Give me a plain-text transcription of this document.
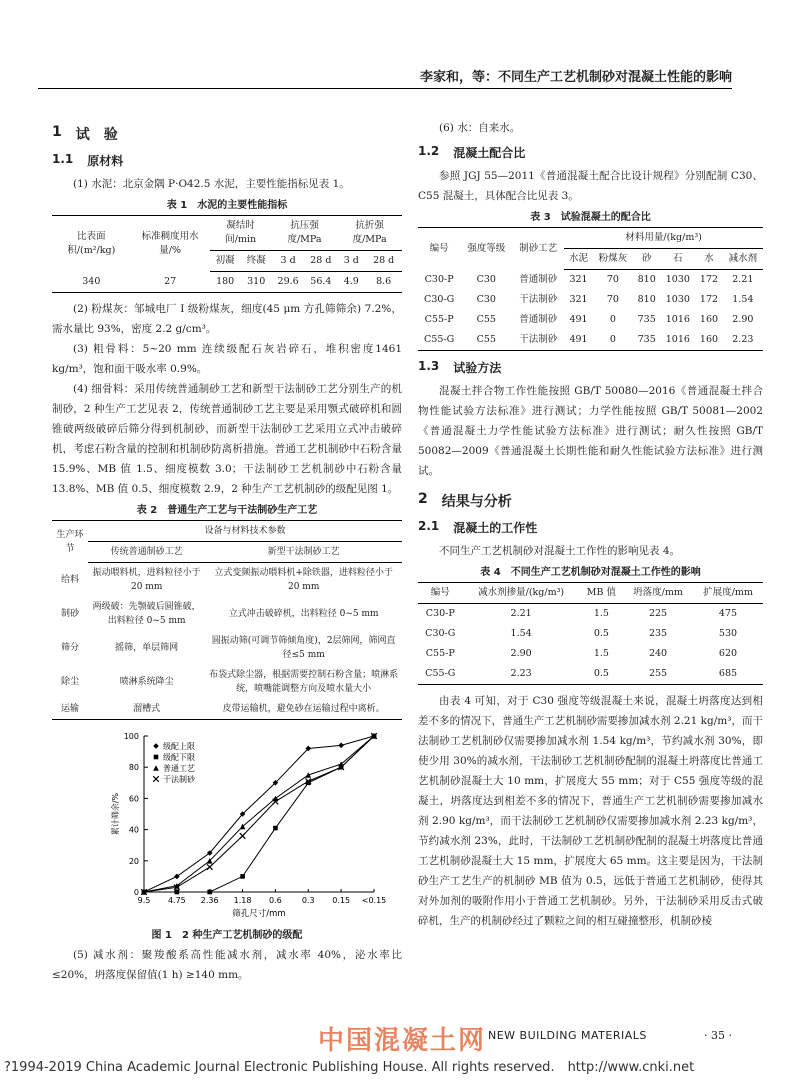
李家和，等：不同生产工艺机制砂对混凝土性能的影响
1 试　验
1.1 原材料

(1) 水泥：北京金隅 P·O42.5 水泥，主要性能指标见表 1。

表 1　水泥的主要性能指标
比表面积/(m²/kg)	标准稠度用水量/%	凝结时间/min		抗压强度/MPa		抗折强度/MPa	
		初凝	终凝	3 d	28 d	3 d	28 d
340	27	180	310	29.6	56.4	4.9	8.6

(2) 粉煤灰：邹城电厂 I 级粉煤灰，细度(45 μm 方孔筛筛余) 7.2%，需水量比 93%，密度 2.2 g/cm³。

(3) 粗骨料：5~20 mm 连续级配石灰岩碎石，堆积密度1461 kg/m³，饱和面干吸水率 0.9%。

(4) 细骨料：采用传统普通制砂工艺和新型干法制砂工艺分别生产的机制砂，2 种生产工艺见表 2，传统普通制砂工艺主要是采用颚式破碎机和圆锥破两级破碎后筛分得到机制砂，而新型干法制砂工艺采用立式冲击破碎机，考虑石粉含量的控制和机制砂防离析措施。普通工艺机制砂中石粉含量 15.9%、MB 值 1.5、细度模数 3.0；干法制砂工艺机制砂中石粉含量 13.8%、MB 值 0.5、细度模数 2.9，2 种生产工艺机制砂的级配见图 1。

表 2　普通生产工艺与干法制砂生产工艺
生产环节	设备与材料技术参数	
	传统普通制砂工艺	新型干法制砂工艺
给料	振动喂料机，进料粒径小于 20 mm	立式变频振动喂料机+除铁器，进料粒径小于 20 mm
制砂	两级破：先颚破后圆锥破，出料粒径 0~5 mm	立式冲击破碎机，出料粒径 0~5 mm
筛分	摇筛，单层筛网	圆振动筛(可调节筛倾角度)，2层筛网，筛网直径≤5 mm
除尘	喷淋系统降尘	布袋式除尘器，根据需要控制石粉含量；喷淋系统，喷嘴能调整方向及喷水量大小
运输	溜槽式	皮带运输机，避免砂在运输过程中离析。
0
20
40
60
80
100
9.5 4.75 2.36 1.18 0.6	0.3 0.15 <0.15
累计筛余/%
筛孔尺寸/mm
级配上限
级配下限
普通工艺
干法制砂
图 1　2 种生产工艺机制砂的级配

(5) 减水剂：聚羧酸系高性能减水剂，减水率 40%，泌水率比≤20%，坍落度保留值(1 h) ≥140 mm。

(6) 水：自来水。

1.2 混凝土配合比

参照 JGJ 55—2011《普通混凝土配合比设计规程》分别配制 C30、C55 混凝土，具体配合比见表 3。

表 3　试验混凝土的配合比
编号	强度等级	制砂工艺	材料用量/(kg/m³)					
			水泥	粉煤灰	砂	石	水	减水剂
C30-P	C30	普通制砂	321	70	810	1030	172	2.21
C30-G	C30	干法制砂	321	70	810	1030	172	1.54
C55-P	C55	普通制砂	491	0	735	1016	160	2.90
C55-G	C55	干法制砂	491	0	735	1016	160	2.23
1.3 试验方法

混凝土拌合物工作性能按照 GB/T 50080—2016《普通混凝土拌合物性能试验方法标准》进行测试；力学性能按照 GB/T 50081—2002《普通混凝土力学性能试验方法标准》进行测试；耐久性按照 GB/T 50082—2009《普通混凝土长期性能和耐久性能试验方法标准》进行测试。

2 结果与分析
2.1 混凝土的工作性

不同生产工艺机制砂对混凝土工作性的影响见表 4。

表 4　不同生产工艺机制砂对混凝土工作性的影响
编号	减水剂掺量/(kg/m³)	MB 值	坍落度/mm	扩展度/mm
C30-P	2.21	1.5	225	475
C30-G	1.54	0.5	235	530
C55-P	2.90	1.5	240	620
C55-G	2.23	0.5	255	685

由表 4 可知，对于 C30 强度等级混凝土来说，混凝土坍落度达到相差不多的情况下，普通生产工艺机制砂需要掺加减水剂 2.21 kg/m³，而干法制砂工艺机制砂仅需要掺加减水剂 1.54 kg/m³，节约减水剂 30%，即使少用 30%的减水剂，干法制砂工艺机制砂配制的混凝土坍落度比普通工艺机制砂混凝土大 10 mm，扩展度大 55 mm；对于 C55 强度等级的混凝土，坍落度达到相差不多的情况下，普通生产工艺机制砂需要掺加减水剂 2.90 kg/m³，而干法制砂工艺机制砂仅需要掺加减水剂 2.23 kg/m³，节约减水剂 23%，此时，干法制砂工艺机制砂配制的混凝土坍落度比普通工艺机制砂混凝土大 15 mm，扩展度大 65 mm。这主要是因为，干法制砂生产工艺生产的机制砂 MB 值为 0.5，远低于普通工艺机制砂，使得其对外加剂的吸附作用小于普通工艺机制砂。另外，干法制砂采用反击式破碎机，生产的机制砂经过了颗粒之间的相互碰撞整形，机制砂棱

中国混凝土网 NEW BUILDING MATERIALS	· 35 ·
?1994-2019 China Academic Journal Electronic Publishing House. All rights reserved.　http://www.cnki.net
